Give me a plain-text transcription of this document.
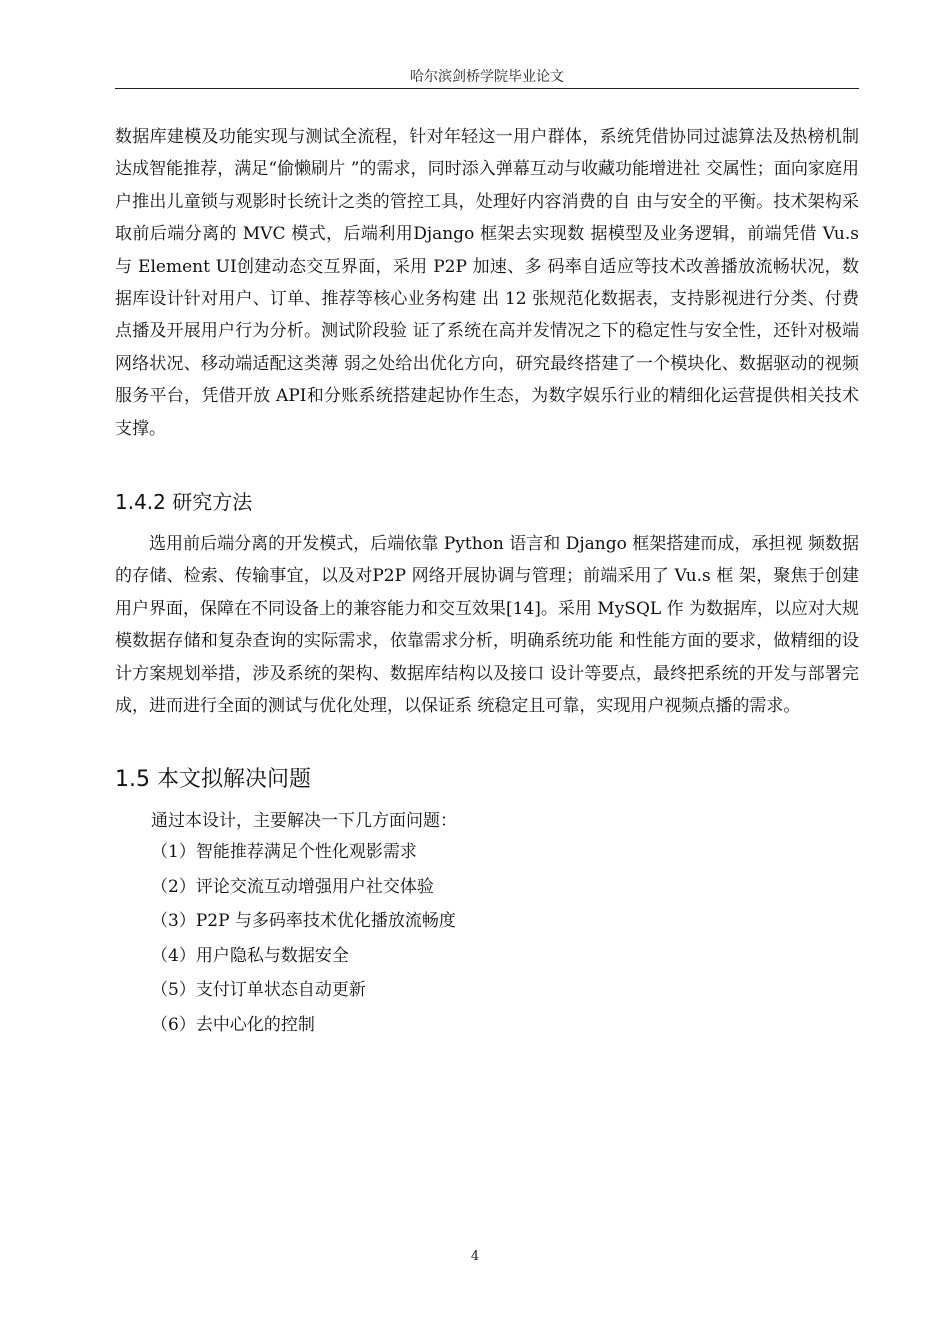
哈尔滨剑桥学院毕业论文

数据库建模及功能实现与测试全流程，针对年轻这一用户群体，系统凭借协同过滤算法及热榜机制达成智能推荐，满足“偷懒刷片 ”的需求，同时添入弹幕互动与收藏功能增进社 交属性；面向家庭用户推出儿童锁与观影时长统计之类的管控工具，处理好内容消费的自 由与安全的平衡。技术架构采取前后端分离的 MVC 模式，后端利用Django 框架去实现数 据模型及业务逻辑，前端凭借 Vu.s 与 Element UI创建动态交互界面，采用 P2P 加速、多 码率自适应等技术改善播放流畅状况，数据库设计针对用户、订单、推荐等核心业务构建 出 12 张规范化数据表，支持影视进行分类、付费点播及开展用户行为分析。测试阶段验 证了系统在高并发情况之下的稳定性与安全性，还针对极端网络状况、移动端适配这类薄 弱之处给出优化方向，研究最终搭建了一个模块化、数据驱动的视频服务平台，凭借开放 API和分账系统搭建起协作生态，为数字娱乐行业的精细化运营提供相关技术支撑。

1.4.2 研究方法

选用前后端分离的开发模式，后端依靠 Python 语言和 Django 框架搭建而成，承担视 频数据的存储、检索、传输事宜，以及对P2P 网络开展协调与管理；前端采用了 Vu.s 框 架，聚焦于创建用户界面，保障在不同设备上的兼容能力和交互效果[14]。采用 MySQL 作 为数据库，以应对大规模数据存储和复杂查询的实际需求，依靠需求分析，明确系统功能 和性能方面的要求，做精细的设计方案规划举措，涉及系统的架构、数据库结构以及接口 设计等要点，最终把系统的开发与部署完成，进而进行全面的测试与优化处理，以保证系 统稳定且可靠，实现用户视频点播的需求。

1.5 本文拟解决问题

通过本设计，主要解决一下几方面问题：

（1）智能推荐满足个性化观影需求
（2）评论交流互动增强用户社交体验
（3）P2P 与多码率技术优化播放流畅度
（4）用户隐私与数据安全
（5）支付订单状态自动更新
（6）去中心化的控制
4
